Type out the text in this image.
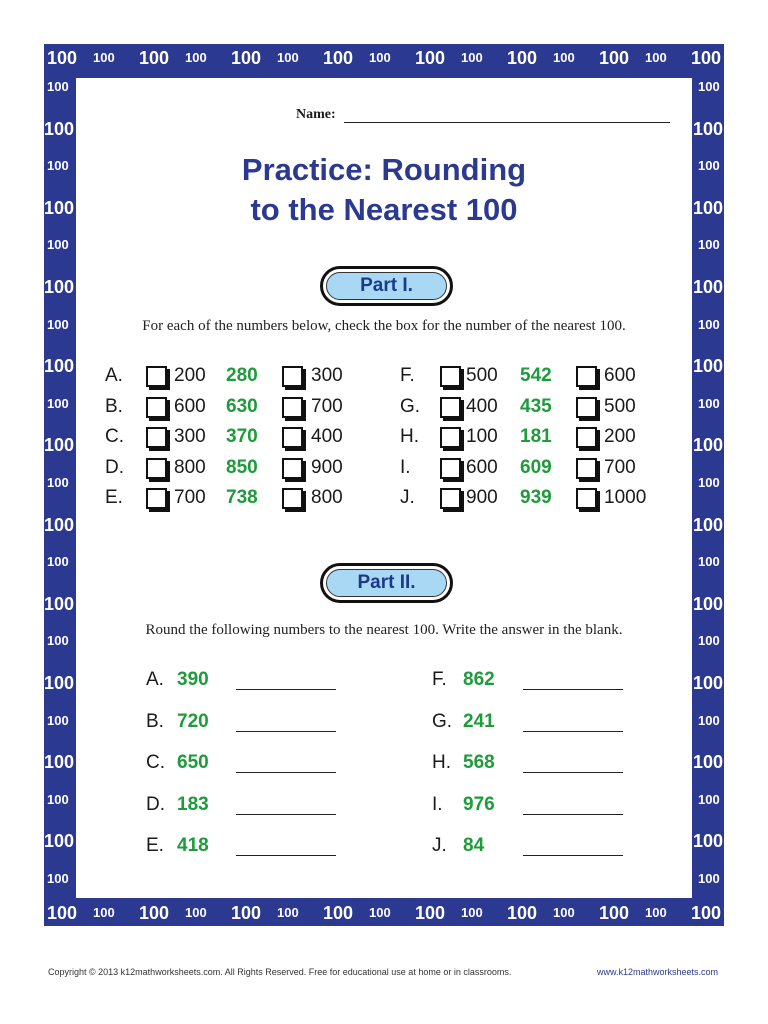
100 100 100 100 100 100 100 100 100 100 100 100 100 100 100 100
100 100 100 100 100 100 100 100 100 100 100 100 100 100 100 100
100
100
100
100
100
100
100
100
100
100
100
100
100
100
100
100
100
100
100
100
100
100
100
100
100
100
100
100
100
100
100
100
100
100
100
100
100
100
100
100
100
100
Name:
Practice: Rounding
to the Nearest 100
Part I.
For each of the numbers below, check the box for the number of the nearest 100.
A.	200 280	300
B.	600 630	700
C.	300 370	400
D.	800 850	900
E.	700 738	800
F.	500 542	600
G. 400 435	500
H. 100 181	200
I.	600 609	700
J.	900 939	1000
Part II.
Round the following numbers to the nearest 100. Write the answer in the blank.
A. 390
B. 720
C. 650
D. 183
E. 418
F. 862
G. 241
H. 568
I. 976
J. 84
Copyright © 2013 k12mathworksheets.com. All Rights Reserved. Free for educational use at home or in classrooms.	www.k12mathworksheets.com
